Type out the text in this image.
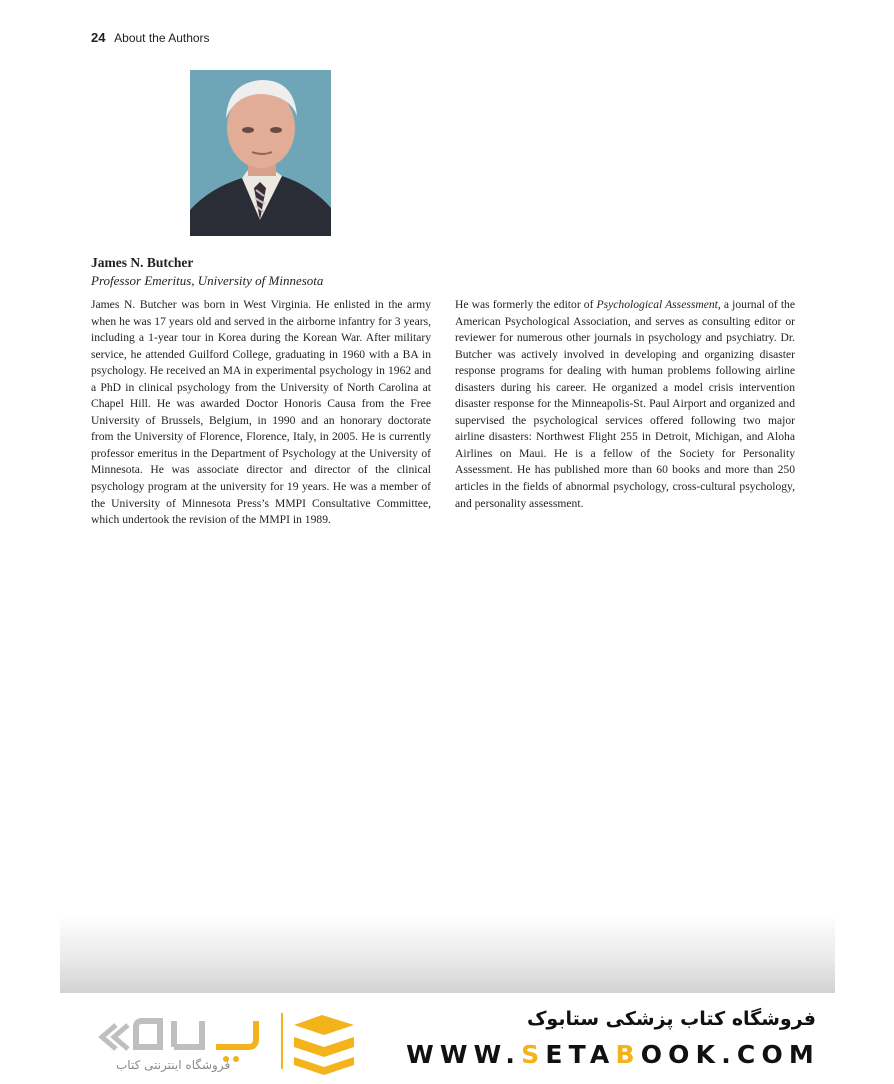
24 About the Authors
James N. Butcher
Professor Emeritus, University of Minnesota

James N. Butcher was born in West Virginia. He enlisted in the army when he was 17 years old and served in the airborne infantry for 3 years, including a 1-year tour in Korea during the Korean War. After military service, he attended Guilford College, graduating in 1960 with a BA in psychology. He received an MA in experimental psychology in 1962 and a PhD in clinical psychology from the University of North Carolina at Chapel Hill. He was awarded Doctor Honoris Causa from the Free University of Brussels, Belgium, in 1990 and an honorary doctorate from the University of Florence, Florence, Italy, in 2005. He is currently professor emeritus in the Department of Psychology at the University of Minnesota. He was associate director and director of the clinical psychology program at the university for 19 years. He was a member of the University of Minnesota Press’s MMPI Consultative Committee, which undertook the revision of the MMPI in 1989.

He was formerly the editor of Psychological Assessment, a journal of the American Psychological Association, and serves as consulting editor or reviewer for numerous other journals in psychology and psychiatry. Dr. Butcher was actively involved in developing and organizing disaster response programs for dealing with human problems following airline disasters during his career. He organized a model crisis intervention disaster response for the Minneapolis-St. Paul Airport and organized and supervised the psychological services offered following two major airline disasters: Northwest Flight 255 in Detroit, Michigan, and Aloha Airlines on Maui. He is a fellow of the Society for Personality Assessment. He has published more than 60 books and more than 250 articles in the fields of abnormal psychology, cross-cultural psychology, and personality assessment.

فروشگاه اینترنتی کتاب
فروشگاه کتاب پزشکی ستابوک
WWW.SETABOOK.COM
